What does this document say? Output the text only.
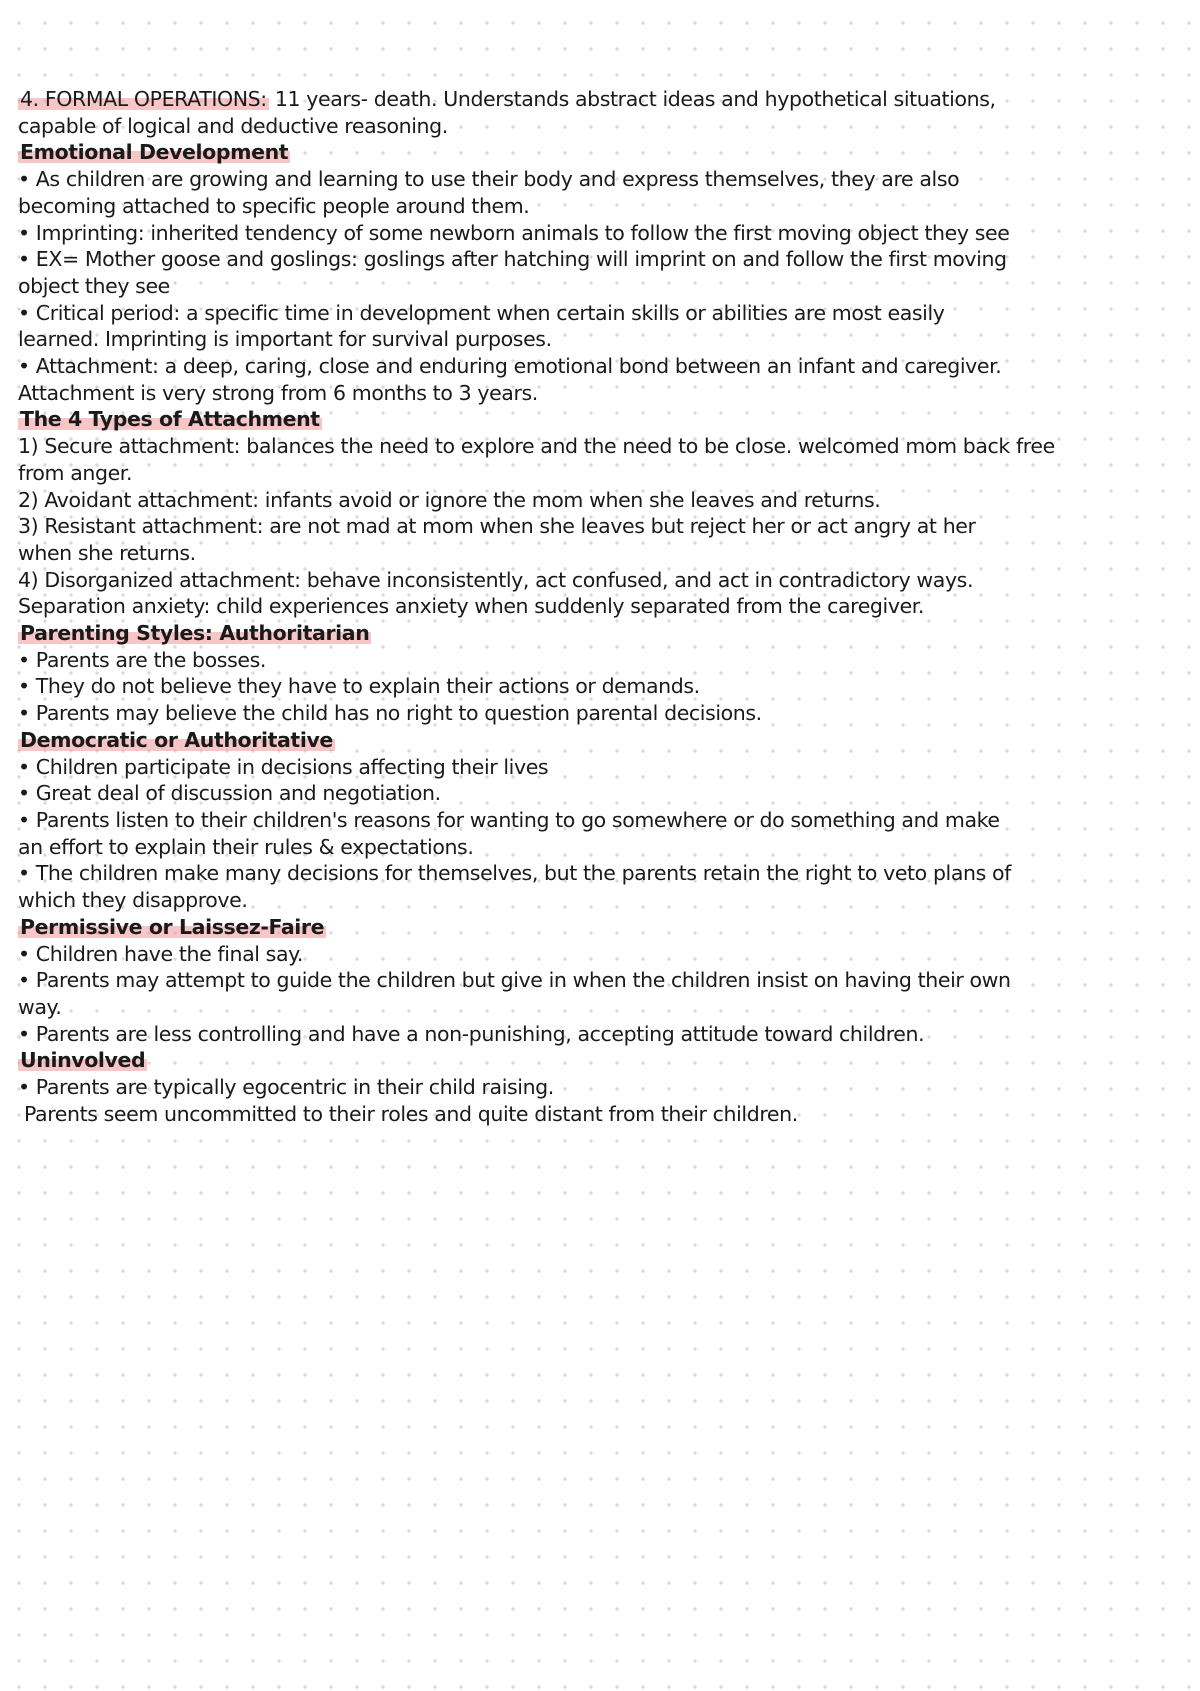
4. FORMAL OPERATIONS: 11 years- death. Understands abstract ideas and hypothetical situations,
capable of logical and deductive reasoning.
Emotional Development
• As children are growing and learning to use their body and express themselves, they are also
becoming attached to specific people around them.
• Imprinting: inherited tendency of some newborn animals to follow the first moving object they see
• EX= Mother goose and goslings: goslings after hatching will imprint on and follow the first moving
object they see
• Critical period: a specific time in development when certain skills or abilities are most easily
learned. Imprinting is important for survival purposes.
• Attachment: a deep, caring, close and enduring emotional bond between an infant and caregiver.
Attachment is very strong from 6 months to 3 years.
The 4 Types of Attachment
1) Secure attachment: balances the need to explore and the need to be close. welcomed mom back free
from anger.
2) Avoidant attachment: infants avoid or ignore the mom when she leaves and returns.
3) Resistant attachment: are not mad at mom when she leaves but reject her or act angry at her
when she returns.
4) Disorganized attachment: behave inconsistently, act confused, and act in contradictory ways.
Separation anxiety: child experiences anxiety when suddenly separated from the caregiver.
Parenting Styles: Authoritarian
• Parents are the bosses.
• They do not believe they have to explain their actions or demands.
• Parents may believe the child has no right to question parental decisions.
Democratic or Authoritative
• Children participate in decisions affecting their lives
• Great deal of discussion and negotiation.
• Parents listen to their children's reasons for wanting to go somewhere or do something and make
an effort to explain their rules & expectations.
• The children make many decisions for themselves, but the parents retain the right to veto plans of
which they disapprove.
Permissive or Laissez-Faire
• Children have the final say.
• Parents may attempt to guide the children but give in when the children insist on having their own
way.
• Parents are less controlling and have a non-punishing, accepting attitude toward children.
Uninvolved
• Parents are typically egocentric in their child raising.
Parents seem uncommitted to their roles and quite distant from their children.
